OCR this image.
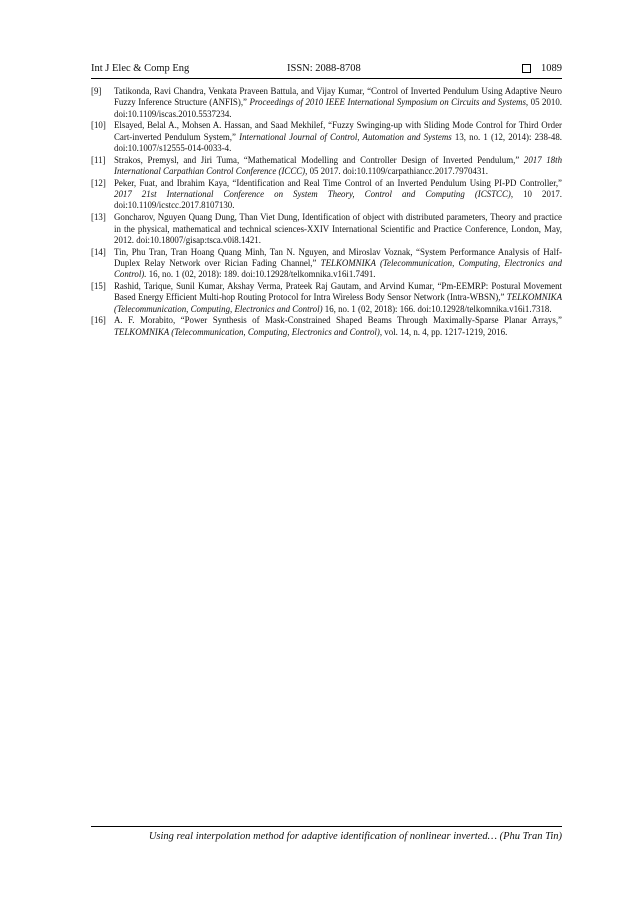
Int J Elec & Comp Eng	ISSN: 2088-8708	1089
[9]	Tatikonda, Ravi Chandra, Venkata Praveen Battula, and Vijay Kumar, “Control of Inverted Pendulum Using Adaptive Neuro Fuzzy Inference Structure (ANFIS),” Proceedings of 2010 IEEE International Symposium on Circuits and Systems, 05 2010. doi:10.1109/iscas.2010.5537234.
[10] Elsayed, Belal A., Mohsen A. Hassan, and Saad Mekhilef, “Fuzzy Swinging-up with Sliding Mode Control for Third Order Cart-inverted Pendulum System,” International Journal of Control, Automation and Systems 13, no. 1 (12, 2014): 238-48. doi:10.1007/s12555-014-0033-4.
[11] Strakos, Premysl, and Jiri Tuma, “Mathematical Modelling and Controller Design of Inverted Pendulum,” 2017 18th International Carpathian Control Conference (ICCC), 05 2017. doi:10.1109/carpathiancc.2017.7970431.
[12] Peker, Fuat, and Ibrahim Kaya, “Identification and Real Time Control of an Inverted Pendulum Using PI-PD Controller,” 2017 21st International Conference on System Theory, Control and Computing (ICSTCC), 10 2017. doi:10.1109/icstcc.2017.8107130.
[13] Goncharov, Nguyen Quang Dung, Than Viet Dung, Identification of object with distributed parameters, Theory and practice in the physical, mathematical and technical sciences-XXIV International Scientific and Practice Conference, London, May, 2012. doi:10.18007/gisap:tsca.v0i8.1421.
[14] Tin, Phu Tran, Tran Hoang Quang Minh, Tan N. Nguyen, and Miroslav Voznak, “System Performance Analysis of Half-Duplex Relay Network over Rician Fading Channel,” TELKOMNIKA (Telecommunication, Computing, Electronics and Control). 16, no. 1 (02, 2018): 189. doi:10.12928/telkomnika.v16i1.7491.
[15] Rashid, Tarique, Sunil Kumar, Akshay Verma, Prateek Raj Gautam, and Arvind Kumar, “Pm-EEMRP: Postural Movement Based Energy Efficient Multi-hop Routing Protocol for Intra Wireless Body Sensor Network (Intra-WBSN),” TELKOMNIKA (Telecommunication, Computing, Electronics and Control) 16, no. 1 (02, 2018): 166. doi:10.12928/telkomnika.v16i1.7318.
[16] A. F. Morabito, “Power Synthesis of Mask-Constrained Shaped Beams Through Maximally-Sparse Planar Arrays,” TELKOMNIKA (Telecommunication, Computing, Electronics and Control), vol. 14, n. 4, pp. 1217-1219, 2016.
Using real interpolation method for adaptive identification of nonlinear inverted… (Phu Tran Tin)
